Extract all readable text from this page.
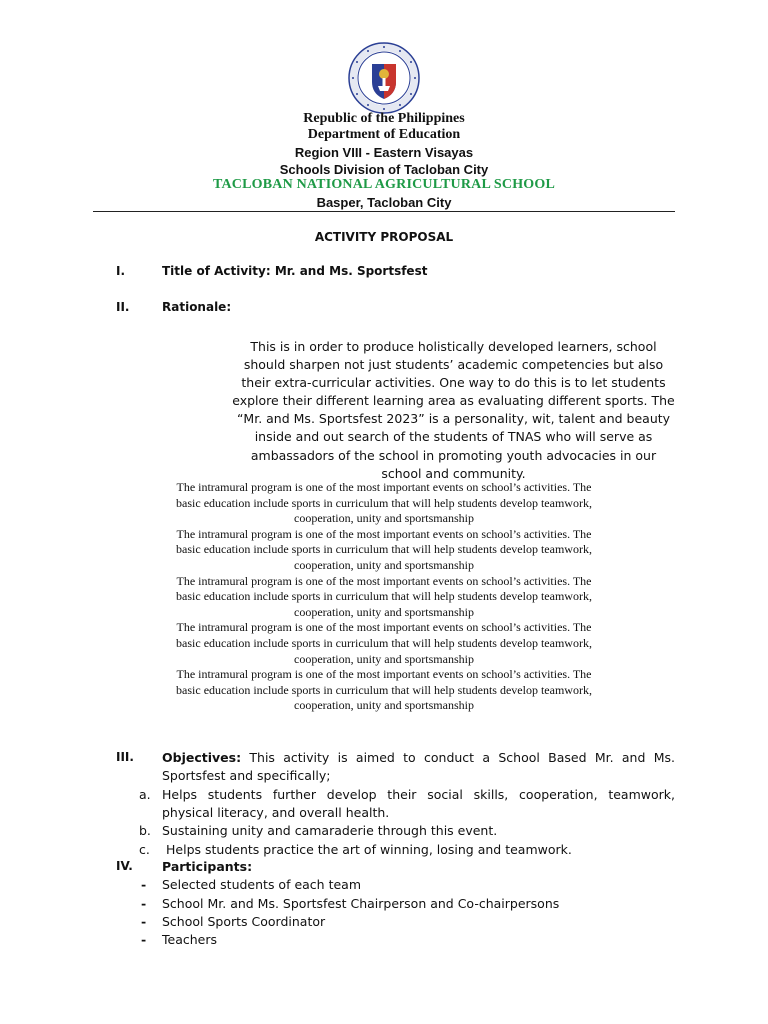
Republic of the Philippines
Department of Education
Region VIII - Eastern Visayas
Schools Division of Tacloban City
TACLOBAN NATIONAL AGRICULTURAL SCHOOL
Basper, Tacloban City
ACTIVITY PROPOSAL
I.	Title of Activity: Mr. and Ms. Sportsfest
II.	Rationale:
This is in order to produce holistically developed learners, school should sharpen not just students’ academic competencies but also their extra-curricular activities. One way to do this is to let students explore their different learning area as evaluating different sports. The “Mr. and Ms. Sportsfest 2023” is a personality, wit, talent and beauty inside and out search of the students of TNAS who will serve as ambassadors of the school in promoting youth advocacies in our school and community.
The intramural program is one of the most important events on school’s activities. The
basic education include sports in curriculum that will help students develop teamwork,
cooperation, unity and sportsmanship
The intramural program is one of the most important events on school’s activities. The
basic education include sports in curriculum that will help students develop teamwork,
cooperation, unity and sportsmanship
The intramural program is one of the most important events on school’s activities. The
basic education include sports in curriculum that will help students develop teamwork,
cooperation, unity and sportsmanship
The intramural program is one of the most important events on school’s activities. The
basic education include sports in curriculum that will help students develop teamwork,
cooperation, unity and sportsmanship
The intramural program is one of the most important events on school’s activities. The
basic education include sports in curriculum that will help students develop teamwork,
cooperation, unity and sportsmanship
III. Objectives: This activity is aimed to conduct a School Based Mr. and Ms. Sportsfest and specifically;
a. Helps students further develop their social skills, cooperation, teamwork, physical literacy, and overall health.
b. Sustaining unity and camaraderie through this event.
c. Helps students practice the art of winning, losing and teamwork.
IV. Participants:
- Selected students of each team
- School Mr. and Ms. Sportsfest Chairperson and Co-chairpersons
- School Sports Coordinator
- Teachers
